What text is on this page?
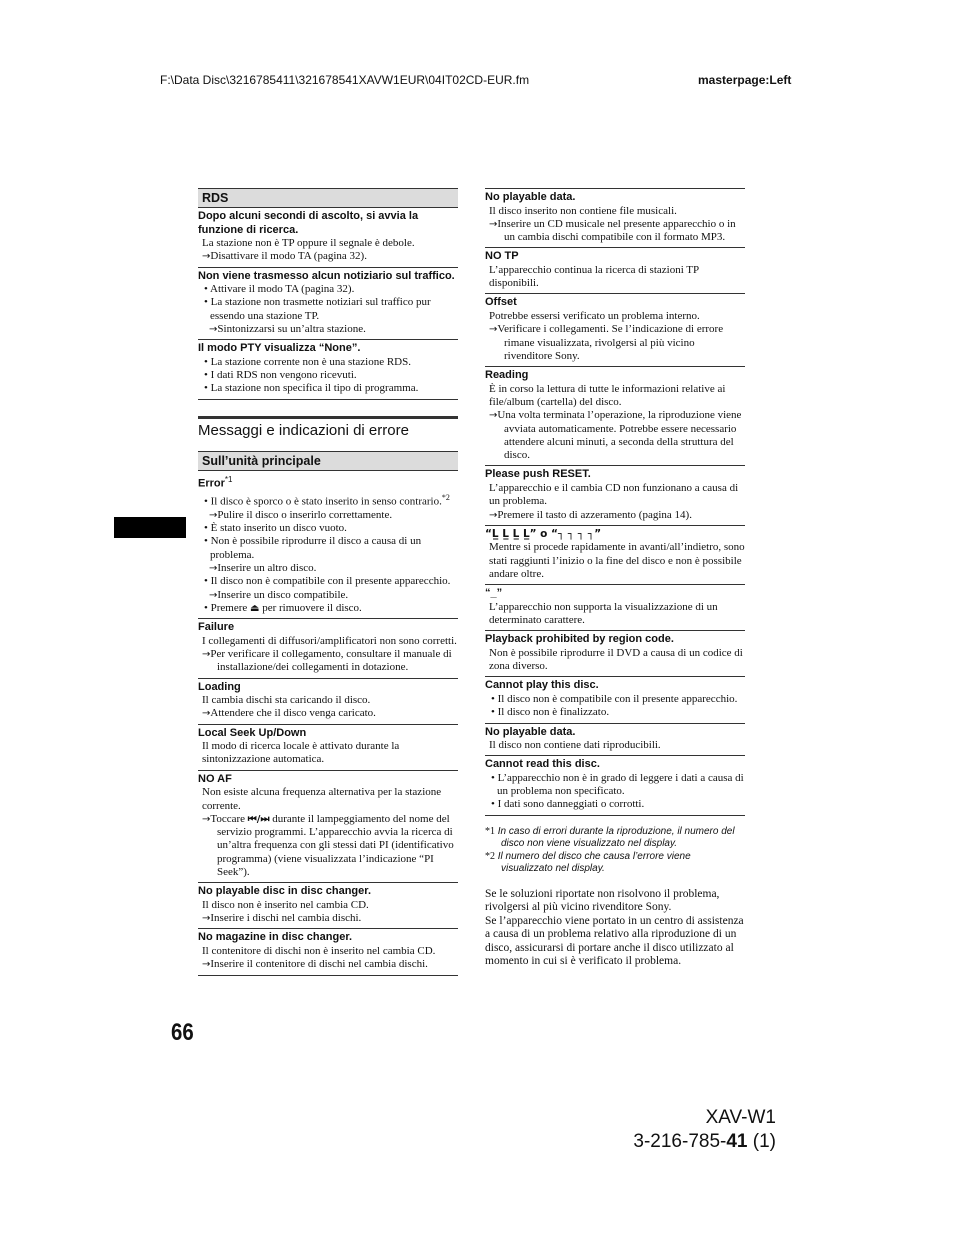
F:\Data Disc\3216785411\321678541XAVW1EUR\04IT02CD-EUR.fm	masterpage:Left
RDS
Dopo alcuni secondi di ascolto, si avvia la funzione di ricerca.
La stazione non è TP oppure il segnale è debole.
→Disattivare il modo TA (pagina 32).
Non viene trasmesso alcun notiziario sul traffico.
• Attivare il modo TA (pagina 32).
• La stazione non trasmette notiziari sul traffico pur essendo una stazione TP.
→Sintonizzarsi su un’altra stazione.
Il modo PTY visualizza “None”.
• La stazione corrente non è una stazione RDS.
• I dati RDS non vengono ricevuti.
• La stazione non specifica il tipo di programma.
Messaggi e indicazioni di errore
Sull’unità principale
Error$^{*1}$
• Il disco è sporco o è stato inserito in senso contrario.$^{*2}$
→Pulire il disco o inserirlo correttamente.
• È stato inserito un disco vuoto.
• Non è possibile riprodurre il disco a causa di un problema.
→Inserire un altro disco.
• Il disco non è compatibile con il presente apparecchio.
→Inserire un disco compatibile.
• Premere ⏏ per rimuovere il disco.
Failure
I collegamenti di diffusori/amplificatori non sono corretti.
→Per verificare il collegamento, consultare il manuale di installazione/dei collegamenti in dotazione.
Loading
Il cambia dischi sta caricando il disco.
→Attendere che il disco venga caricato.
Local Seek Up/Down
Il modo di ricerca locale è attivato durante la sintonizzazione automatica.
NO AF
Non esiste alcuna frequenza alternativa per la stazione corrente.
→Toccare ⏮/⏭ durante il lampeggiamento del nome del servizio programmi. L’apparecchio avvia la ricerca di un’altra frequenza con gli stessi dati PI (identificativo programma) (viene visualizzata l’indicazione “PI Seek”).
No playable disc in disc changer.
Il disco non è inserito nel cambia CD.
→Inserire i dischi nel cambia dischi.
No magazine in disc changer.
Il contenitore di dischi non è inserito nel cambia CD.
→Inserire il contenitore di dischi nel cambia dischi.
No playable data.
Il disco inserito non contiene file musicali.
→Inserire un CD musicale nel presente apparecchio o in un cambia dischi compatibile con il formato MP3.
NO TP
L’apparecchio continua la ricerca di stazioni TP disponibili.
Offset
Potrebbe essersi verificato un problema interno.
→Verificare i collegamenti. Se l’indicazione di errore rimane visualizzata, rivolgersi al più vicino rivenditore Sony.
Reading
È in corso la lettura di tutte le informazioni relative ai file/album (cartella) del disco.
→Una volta terminata l’operazione, la riproduzione viene avviata automaticamente. Potrebbe essere necessario attendere alcuni minuti, a seconda della struttura del disco.
Please push RESET.
L’apparecchio e il cambia CD non funzionano a causa di un problema.
→Premere il tasto di azzeramento (pagina 14).
“L̲ L̲ L̲ L̲” o “┐ ┐ ┐ ┐”
Mentre si procede rapidamente in avanti/all’indietro, sono stati raggiunti l’inizio o la fine del disco e non è possibile andare oltre.
“_”
L’apparecchio non supporta la visualizzazione di un determinato carattere.
Playback prohibited by region code.
Non è possibile riprodurre il DVD a causa di un codice di zona diverso.
Cannot play this disc.
• Il disco non è compatibile con il presente apparecchio.
• Il disco non è finalizzato.
No playable data.
Il disco non contiene dati riproducibili.
Cannot read this disc.
• L’apparecchio non è in grado di leggere i dati a causa di un problema non specificato.
• I dati sono danneggiati o corrotti.
*1 In caso di errori durante la riproduzione, il numero del disco non viene visualizzato nel display.
*2 Il numero del disco che causa l’errore viene visualizzato nel display.
Se le soluzioni riportate non risolvono il problema, rivolgersi al più vicino rivenditore Sony.
Se l’apparecchio viene portato in un centro di assistenza a causa di un problema relativo alla riproduzione di un disco, assicurarsi di portare anche il disco utilizzato al momento in cui si è verificato il problema.
66
XAV-W1
3-216-785-41 (1)
